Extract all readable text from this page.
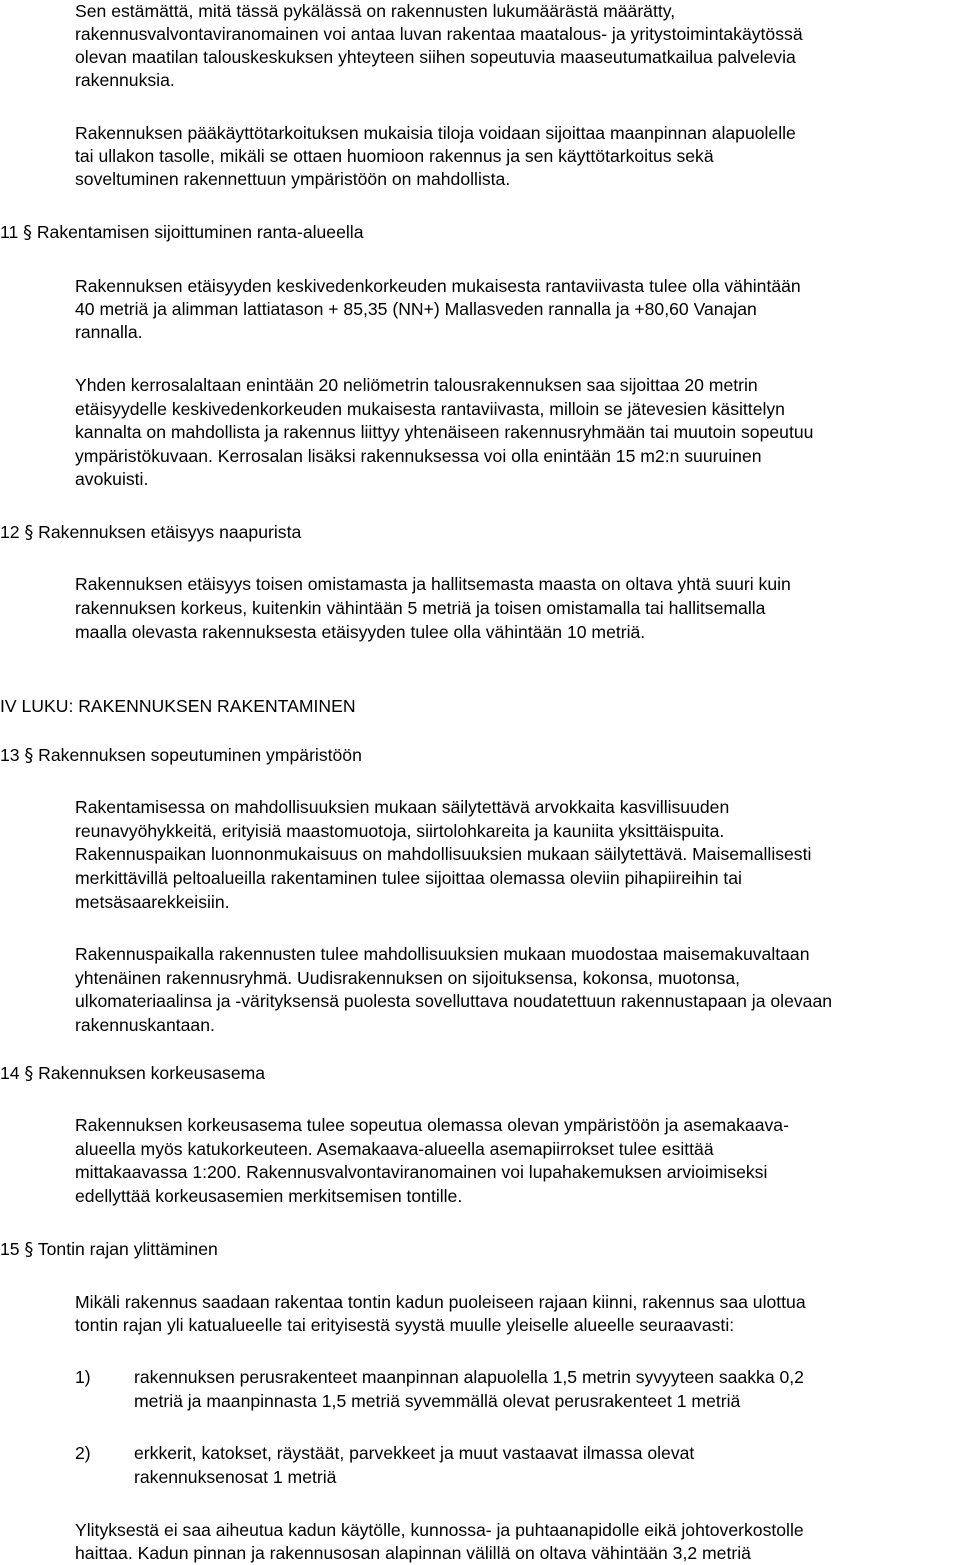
Sen estämättä, mitä tässä pykälässä on rakennusten lukumäärästä määrätty,

rakennusvalvontaviranomainen voi antaa luvan rakentaa maatalous- ja yritystoimintakäytössä

olevan maatilan talouskeskuksen yhteyteen siihen sopeutuvia maaseutumatkailua palvelevia

rakennuksia.

Rakennuksen pääkäyttötarkoituksen mukaisia tiloja voidaan sijoittaa maanpinnan alapuolelle

tai ullakon tasolle, mikäli se ottaen huomioon rakennus ja sen käyttötarkoitus sekä

soveltuminen rakennettuun ympäristöön on mahdollista.

11 § Rakentamisen sijoittuminen ranta-alueella

Rakennuksen etäisyyden keskivedenkorkeuden mukaisesta rantaviivasta tulee olla vähintään

40 metriä ja alimman lattiatason + 85,35 (NN+) Mallasveden rannalla ja +80,60 Vanajan

rannalla.

Yhden kerrosalaltaan enintään 20 neliömetrin talousrakennuksen saa sijoittaa 20 metrin

etäisyydelle keskivedenkorkeuden mukaisesta rantaviivasta, milloin se jätevesien käsittelyn

kannalta on mahdollista ja rakennus liittyy yhtenäiseen rakennusryhmään tai muutoin sopeutuu

ympäristökuvaan. Kerrosalan lisäksi rakennuksessa voi olla enintään 15 m2:n suuruinen

avokuisti.

12 § Rakennuksen etäisyys naapurista

Rakennuksen etäisyys toisen omistamasta ja hallitsemasta maasta on oltava yhtä suuri kuin

rakennuksen korkeus, kuitenkin vähintään 5 metriä ja toisen omistamalla tai hallitsemalla

maalla olevasta rakennuksesta etäisyyden tulee olla vähintään 10 metriä.

IV LUKU: RAKENNUKSEN RAKENTAMINEN

13 § Rakennuksen sopeutuminen ympäristöön

Rakentamisessa on mahdollisuuksien mukaan säilytettävä arvokkaita kasvillisuuden

reunavyöhykkeitä, erityisiä maastomuotoja, siirtolohkareita ja kauniita yksittäispuita.

Rakennuspaikan luonnonmukaisuus on mahdollisuuksien mukaan säilytettävä. Maisemallisesti

merkittävillä peltoalueilla rakentaminen tulee sijoittaa olemassa oleviin pihapiireihin tai

metsäsaarekkeisiin.

Rakennuspaikalla rakennusten tulee mahdollisuuksien mukaan muodostaa maisemakuvaltaan

yhtenäinen rakennusryhmä. Uudisrakennuksen on sijoituksensa, kokonsa, muotonsa,

ulkomateriaalinsa ja -värityksensä puolesta sovelluttava noudatettuun rakennustapaan ja olevaan

rakennuskantaan.

14 § Rakennuksen korkeusasema

Rakennuksen korkeusasema tulee sopeutua olemassa olevan ympäristöön ja asemakaava-

alueella myös katukorkeuteen. Asemakaava-alueella asemapiirrokset tulee esittää

mittakaavassa 1:200. Rakennusvalvontaviranomainen voi lupahakemuksen arvioimiseksi

edellyttää korkeusasemien merkitsemisen tontille.

15 § Tontin rajan ylittäminen

Mikäli rakennus saadaan rakentaa tontin kadun puoleiseen rajaan kiinni, rakennus saa ulottua

tontin rajan yli katualueelle tai erityisestä syystä muulle yleiselle alueelle seuraavasti:

1) rakennuksen perusrakenteet maanpinnan alapuolella 1,5 metrin syvyyteen saakka 0,2

metriä ja maanpinnasta 1,5 metriä syvemmällä olevat perusrakenteet 1 metriä

2) erkkerit, katokset, räystäät, parvekkeet ja muut vastaavat ilmassa olevat

rakennuksenosat 1 metriä

Ylityksestä ei saa aiheutua kadun käytölle, kunnossa- ja puhtaanapidolle eikä johtoverkostolle

haittaa. Kadun pinnan ja rakennusosan alapinnan välillä on oltava vähintään 3,2 metriä
